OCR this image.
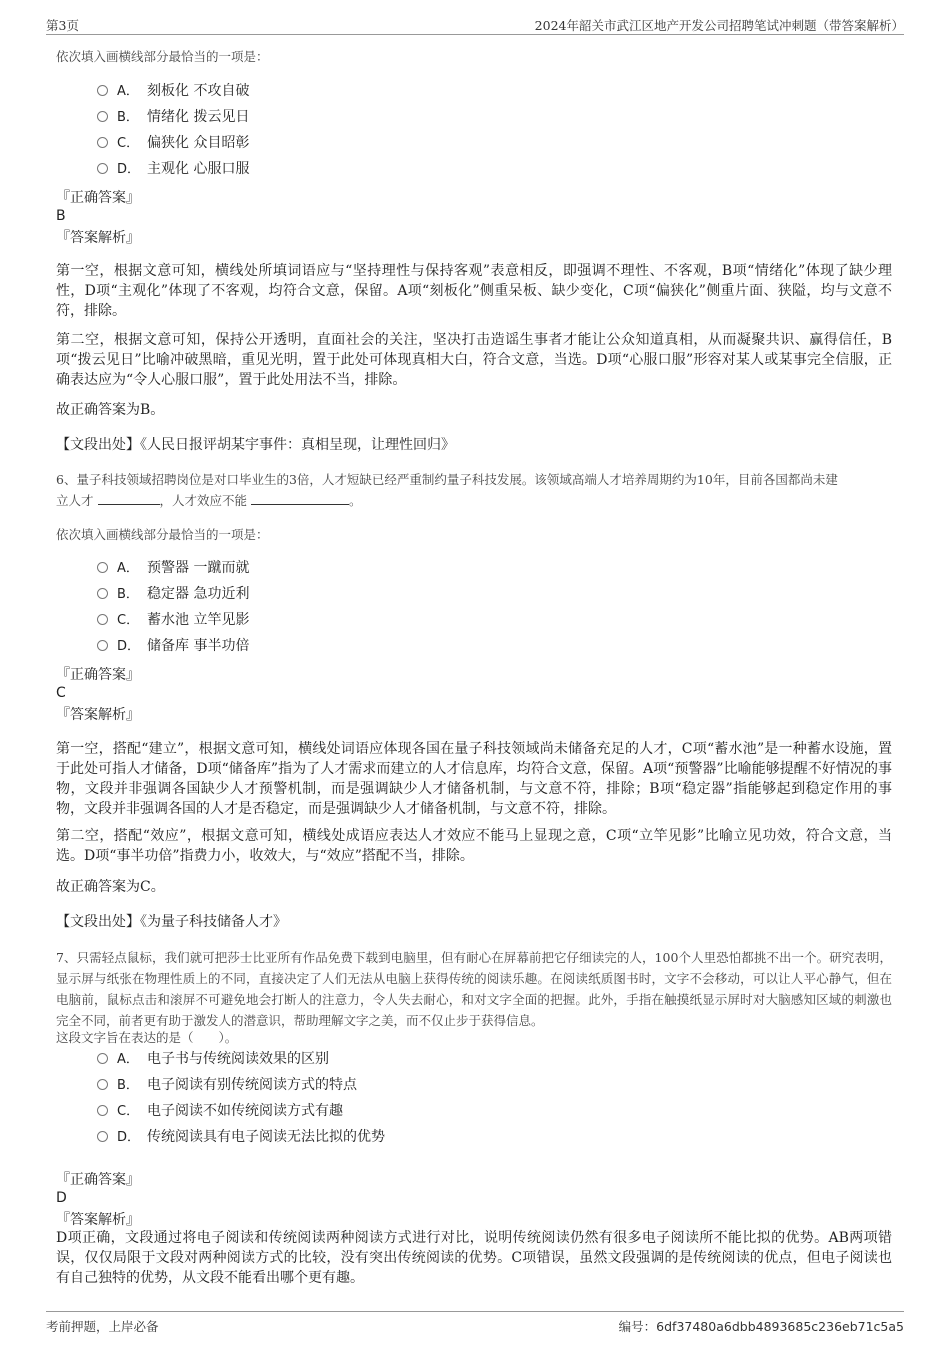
第3页	2024年韶关市武江区地产开发公司招聘笔试冲刺题（带答案解析）
依次填入画横线部分最恰当的一项是：
A． 刻板化 不攻自破
B． 情绪化 拨云见日
C． 偏狭化 众目昭彰
D． 主观化 心服口服
『正确答案』
B
『答案解析』
第一空，根据文意可知，横线处所填词语应与“坚持理性与保持客观”表意相反，即强调不理性、不客观，B项“情绪化”体现了缺少理性，D项“主观化”体现了不客观，均符合文意，保留。A项“刻板化”侧重呆板、缺少变化，C项“偏狭化”侧重片面、狭隘，均与文意不符，排除。
第二空，根据文意可知，保持公开透明，直面社会的关注，坚决打击造谣生事者才能让公众知道真相，从而凝聚共识、赢得信任，B项“拨云见日”比喻冲破黑暗，重见光明，置于此处可体现真相大白，符合文意，当选。D项“心服口服”形容对某人或某事完全信服，正确表达应为“令人心服口服”，置于此处用法不当，排除。
故正确答案为B。
【文段出处】《人民日报评胡某宇事件：真相呈现，让理性回归》
6、量子科技领域招聘岗位是对口毕业生的3倍，人才短缺已经严重制约量子科技发展。该领域高端人才培养周期约为10年，目前各国都尚未建
立人才	，人才效应不能	。
依次填入画横线部分最恰当的一项是：
A． 预警器 一蹴而就
B． 稳定器 急功近利
C． 蓄水池 立竿见影
D． 储备库 事半功倍
『正确答案』
C
『答案解析』
第一空，搭配“建立”，根据文意可知，横线处词语应体现各国在量子科技领域尚未储备充足的人才，C项“蓄水池”是一种蓄水设施，置于此处可指人才储备，D项“储备库”指为了人才需求而建立的人才信息库，均符合文意，保留。A项“预警器”比喻能够提醒不好情况的事物，文段并非强调各国缺少人才预警机制，而是强调缺少人才储备机制，与文意不符，排除；B项“稳定器”指能够起到稳定作用的事物，文段并非强调各国的人才是否稳定，而是强调缺少人才储备机制，与文意不符，排除。
第二空，搭配“效应”，根据文意可知，横线处成语应表达人才效应不能马上显现之意，C项“立竿见影”比喻立见功效，符合文意，当选。D项“事半功倍”指费力小，收效大，与“效应”搭配不当，排除。
故正确答案为C。
【文段出处】《为量子科技储备人才》
7、只需轻点鼠标，我们就可把莎士比亚所有作品免费下载到电脑里，但有耐心在屏幕前把它仔细读完的人，100个人里恐怕都挑不出一个。研究表明，显示屏与纸张在物理性质上的不同，直接决定了人们无法从电脑上获得传统的阅读乐趣。在阅读纸质图书时，文字不会移动，可以让人平心静气，但在电脑前，鼠标点击和滚屏不可避免地会打断人的注意力，令人失去耐心，和对文字全面的把握。此外，手指在触摸纸显示屏时对大脑感知区域的刺激也完全不同，前者更有助于激发人的潜意识，帮助理解文字之美，而不仅止步于获得信息。
这段文字旨在表达的是（　　）。
A． 电子书与传统阅读效果的区别
B． 电子阅读有别传统阅读方式的特点
C． 电子阅读不如传统阅读方式有趣
D． 传统阅读具有电子阅读无法比拟的优势
『正确答案』
D
『答案解析』
D项正确，文段通过将电子阅读和传统阅读两种阅读方式进行对比，说明传统阅读仍然有很多电子阅读所不能比拟的优势。AB两项错误，仅仅局限于文段对两种阅读方式的比较，没有突出传统阅读的优势。C项错误，虽然文段强调的是传统阅读的优点，但电子阅读也有自己独特的优势，从文段不能看出哪个更有趣。
考前押题，上岸必备	编号：6df37480a6dbb4893685c236eb71c5a5
